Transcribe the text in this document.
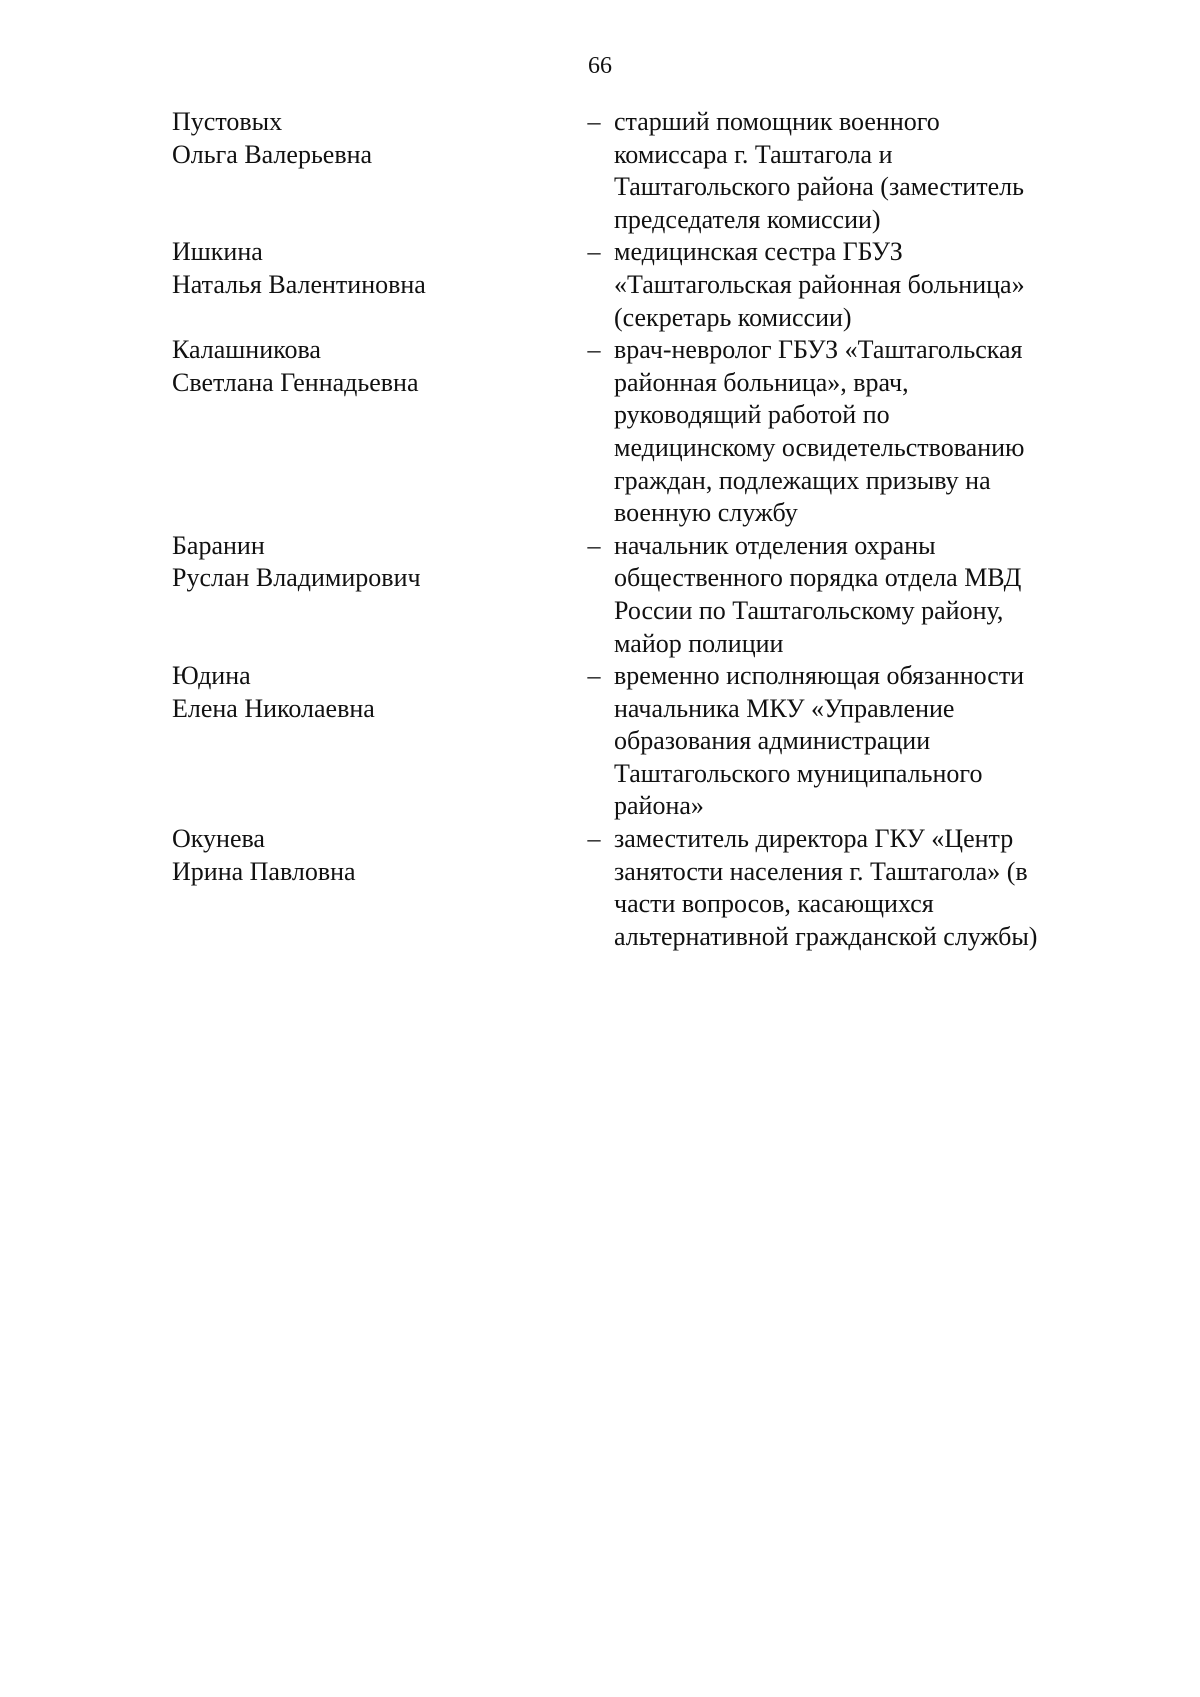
66
Пустовых
Ольга Валерьевна
– старший помощник военного
комиссара г. Таштагола и
Таштагольского района (заместитель
председателя комиссии)
Ишкина
Наталья Валентиновна
– медицинская сестра ГБУЗ
«Таштагольская районная больница»
(секретарь комиссии)
Калашникова
Светлана Геннадьевна
– врач-невролог ГБУЗ «Таштагольская
районная больница», врач,
руководящий работой по
медицинскому освидетельствованию
граждан, подлежащих призыву на
военную службу
Баранин
Руслан Владимирович
– начальник отделения охраны
общественного порядка отдела МВД
России по Таштагольскому району,
майор полиции
Юдина
Елена Николаевна
– временно исполняющая обязанности
начальника МКУ «Управление
образования администрации
Таштагольского муниципального
района»
Окунева
Ирина Павловна
– заместитель директора ГКУ «Центр
занятости населения г. Таштагола» (в
части вопросов, касающихся
альтернативной гражданской службы)
